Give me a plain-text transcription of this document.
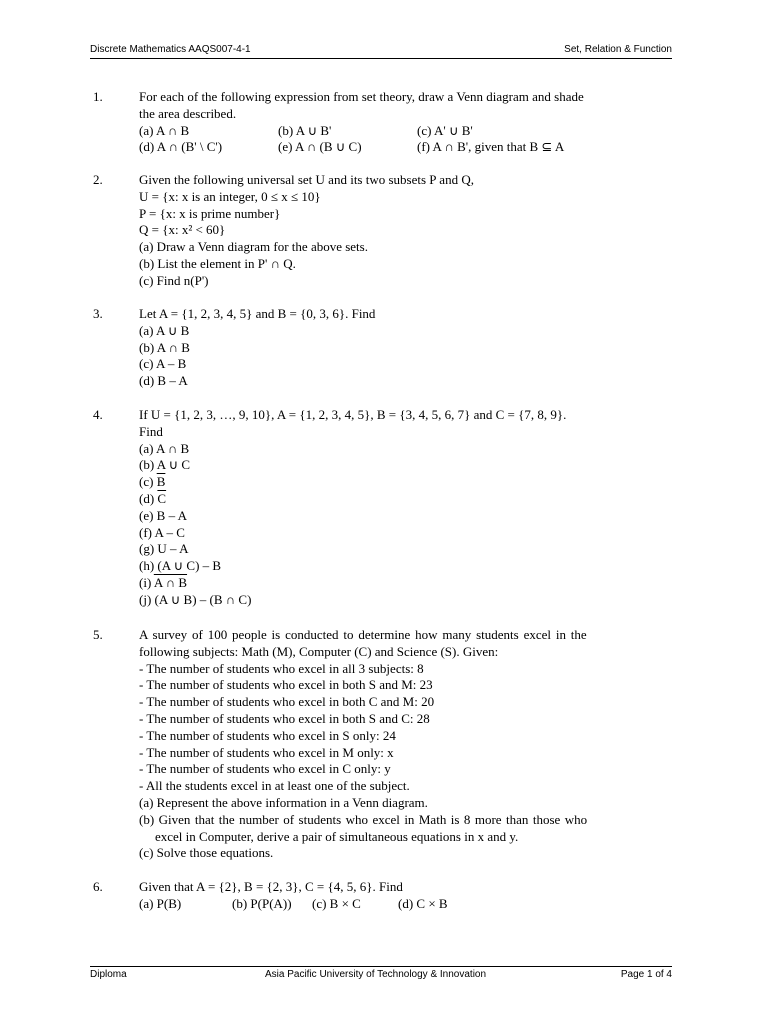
Discrete Mathematics AAQS007-4-1	Set, Relation & Function
1.	For each of the following expression from set theory, draw a Venn diagram and shade
the area described.
(a) A ∩ B	(b) A ∪ B'	(c) A' ∪ B'
(d) A ∩ (B' \ C')	(e) A ∩ (B ∪ C)	(f) A ∩ B', given that B ⊆ A
2.	Given the following universal set U and its two subsets P and Q,
U = {x: x is an integer, 0 ≤ x ≤ 10}
P = {x: x is prime number}
Q = {x: x² < 60}
(a) Draw a Venn diagram for the above sets.
(b) List the element in P' ∩ Q.
(c) Find n(P')
3.	Let A = {1, 2, 3, 4, 5} and B = {0, 3, 6}. Find
(a) A ∪ B
(b) A ∩ B
(c) A – B
(d) B – A
4.	If U = {1, 2, 3, …, 9, 10}, A = {1, 2, 3, 4, 5}, B = {3, 4, 5, 6, 7} and C = {7, 8, 9}.
Find
(a) A ∩ B
(b) A ∪ C
(c) $\overline{B}$
(d) $\overline{C}$
(e) B – A
(f) A – C
(g) U – A
(h) (A ∪ C) – B
(i) A ∩ B
(j) (A ∪ B) – (B ∩ C)
5.	A survey of 100 people is conducted to determine how many students excel in the
following subjects: Math (M), Computer (C) and Science (S). Given:
- The number of students who excel in all 3 subjects: 8
- The number of students who excel in both S and M: 23
- The number of students who excel in both C and M: 20
- The number of students who excel in both S and C: 28
- The number of students who excel in S only: 24
- The number of students who excel in M only: x
- The number of students who excel in C only: y
- All the students excel in at least one of the subject.
(a) Represent the above information in a Venn diagram.
(b) Given that the number of students who excel in Math is 8 more than those who
excel in Computer, derive a pair of simultaneous equations in x and y.
(c) Solve those equations.
6.	Given that A = {2}, B = {2, 3}, C = {4, 5, 6}. Find
(a) P(B)	(b) P(P(A)) (c) B × C	(d) C × B
Diploma	Asia Pacific University of Technology & Innovation	Page 1 of 4
